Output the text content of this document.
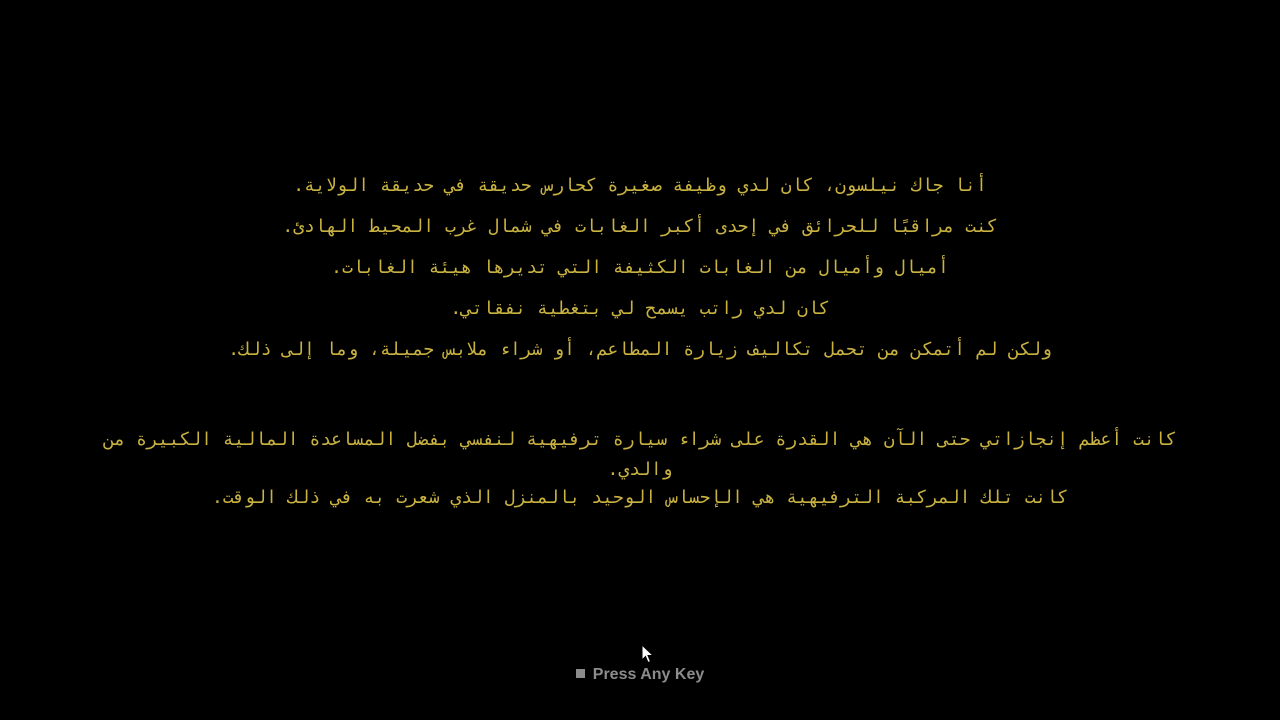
أنا جاك نيلسون، كان لدي وظيفة صغيرة كحارس حديقة في حديقة الولاية.
كنت مراقبًا للحرائق في إحدى أكبر الغابات في شمال غرب المحيط الهادئ.
أميال وأميال من الغابات الكثيفة التي تديرها هيئة الغابات.
كان لدي راتب يسمح لي بتغطية نفقاتي.
ولكن لم أتمكن من تحمل تكاليف زيارة المطاعم، أو شراء ملابس جميلة، وما إلى ذلك.
كانت أعظم إنجازاتي حتى الآن هي القدرة على شراء سيارة ترفيهية لنفسي بفضل المساعدة المالية الكبيرة من والدي.
كانت تلك المركبة الترفيهية هي الإحساس الوحيد بالمنزل الذي شعرت به في ذلك الوقت.
Press Any Key
